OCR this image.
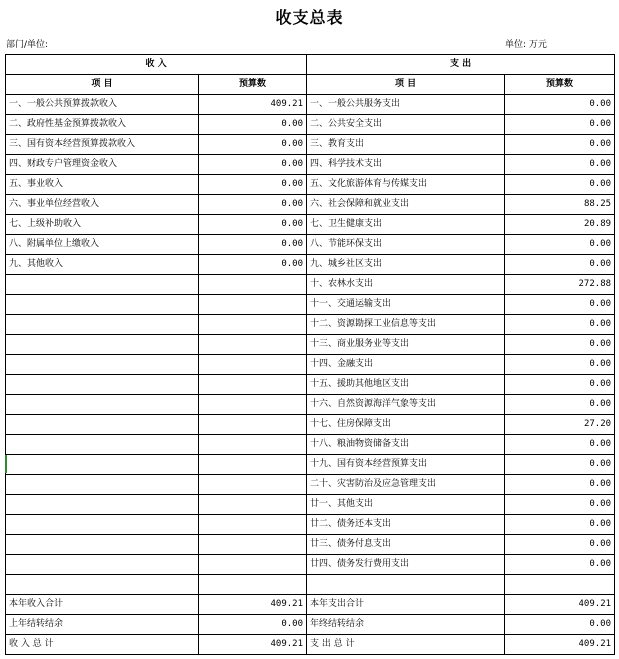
收支总表
部门/单位:	单位: 万元
收 入		支 出	
项 目	预算数	项 目	预算数
一、一般公共预算拨款收入	409.21	一、一般公共服务支出	0.00
二、政府性基金预算拨款收入	0.00	二、公共安全支出	0.00
三、国有资本经营预算拨款收入	0.00	三、教育支出	0.00
四、财政专户管理资金收入	0.00	四、科学技术支出	0.00
五、事业收入	0.00	五、文化旅游体育与传媒支出	0.00
六、事业单位经营收入	0.00	六、社会保障和就业支出	88.25
七、上级补助收入	0.00	七、卫生健康支出	20.89
八、附属单位上缴收入	0.00	八、节能环保支出	0.00
九、其他收入	0.00	九、城乡社区支出	0.00
		十、农林水支出	272.88
		十一、交通运输支出	0.00
		十二、资源勘探工业信息等支出	0.00
		十三、商业服务业等支出	0.00
		十四、金融支出	0.00
		十五、援助其他地区支出	0.00
		十六、自然资源海洋气象等支出	0.00
		十七、住房保障支出	27.20
		十八、粮油物资储备支出	0.00
		十九、国有资本经营预算支出	0.00
		二十、灾害防治及应急管理支出	0.00
		廿一、其他支出	0.00
		廿二、债务还本支出	0.00
		廿三、债务付息支出	0.00
		廿四、债务发行费用支出	0.00

本年收入合计	409.21	本年支出合计	409.21
上年结转结余	0.00	年终结转结余	0.00
收 入 总 计	409.21	支 出 总 计	409.21
